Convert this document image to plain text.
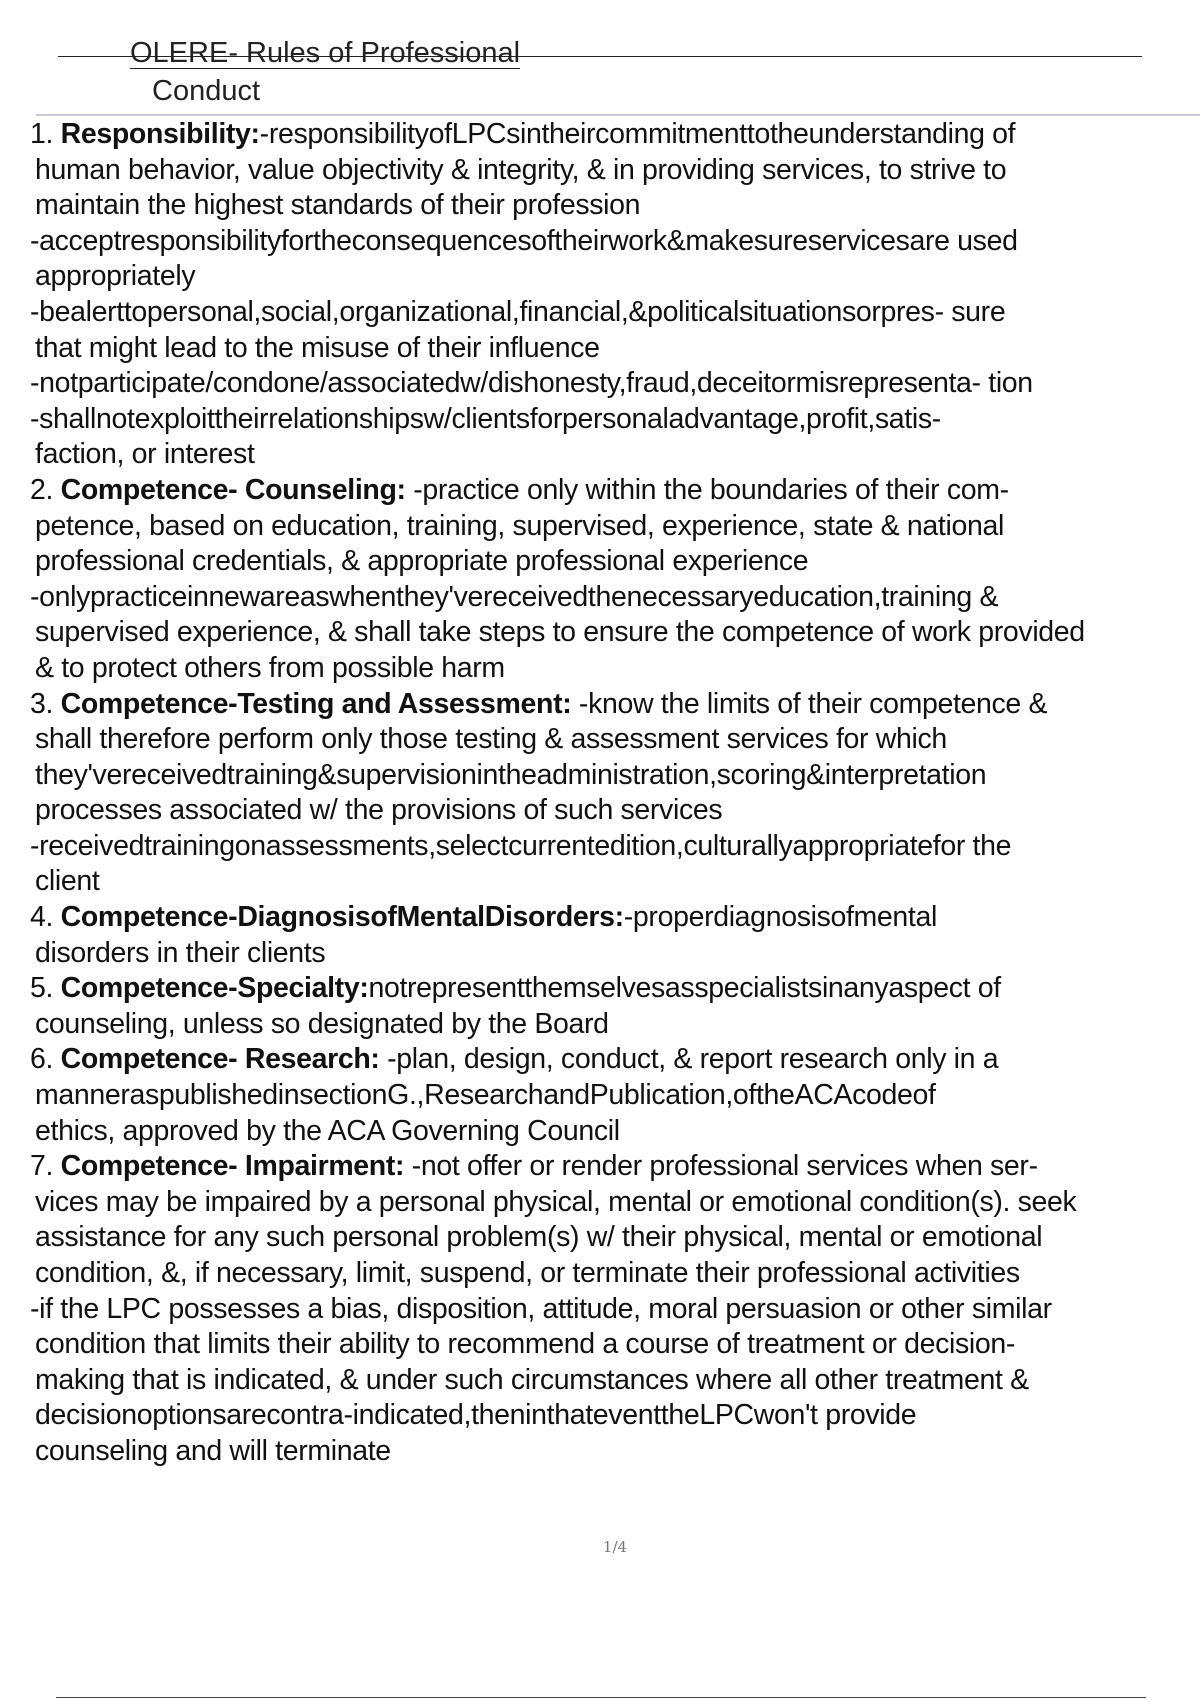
OLERE- Rules of Professional
Conduct
1. Responsibility:-responsibilityofLPCsintheircommitmenttotheunderstanding of
human behavior, value objectivity & integrity, & in providing services, to strive to
maintain the highest standards of their profession
-acceptresponsibilityfortheconsequencesoftheirwork&makesureservicesare used
appropriately
-bealerttopersonal,social,organizational,financial,&politicalsituationsorpres- sure
that might lead to the misuse of their influence
-notparticipate/condone/associatedw/dishonesty,fraud,deceitormisrepresenta- tion
-shallnotexploittheirrelationshipsw/clientsforpersonaladvantage,profit,satis-
faction, or interest
2. Competence- Counseling: -practice only within the boundaries of their com-
petence, based on education, training, supervised, experience, state & national
professional credentials, & appropriate professional experience
-onlypracticeinnewareaswhenthey'vereceivedthenecessaryeducation,training &
supervised experience, & shall take steps to ensure the competence of work provided
& to protect others from possible harm
3. Competence-Testing and Assessment: -know the limits of their competence &
shall therefore perform only those testing & assessment services for which
they'vereceivedtraining&supervisionintheadministration,scoring&interpretation
processes associated w/ the provisions of such services
-receivedtrainingonassessments,selectcurrentedition,culturallyappropriatefor the
client
4. Competence-DiagnosisofMentalDisorders:-properdiagnosisofmental
disorders in their clients
5. Competence-Specialty:notrepresentthemselvesasspecialistsinanyaspect of
counseling, unless so designated by the Board
6. Competence- Research: -plan, design, conduct, & report research only in a
manneraspublishedinsectionG.,ResearchandPublication,oftheACAcodeof
ethics, approved by the ACA Governing Council
7. Competence- Impairment: -not offer or render professional services when ser-
vices may be impaired by a personal physical, mental or emotional condition(s). seek
assistance for any such personal problem(s) w/ their physical, mental or emotional
condition, &, if necessary, limit, suspend, or terminate their professional activities
-if the LPC possesses a bias, disposition, attitude, moral persuasion or other similar
condition that limits their ability to recommend a course of treatment or decision-
making that is indicated, & under such circumstances where all other treatment &
decisionoptionsarecontra-indicated,theninthateventtheLPCwon't provide
counseling and will terminate
1/4
